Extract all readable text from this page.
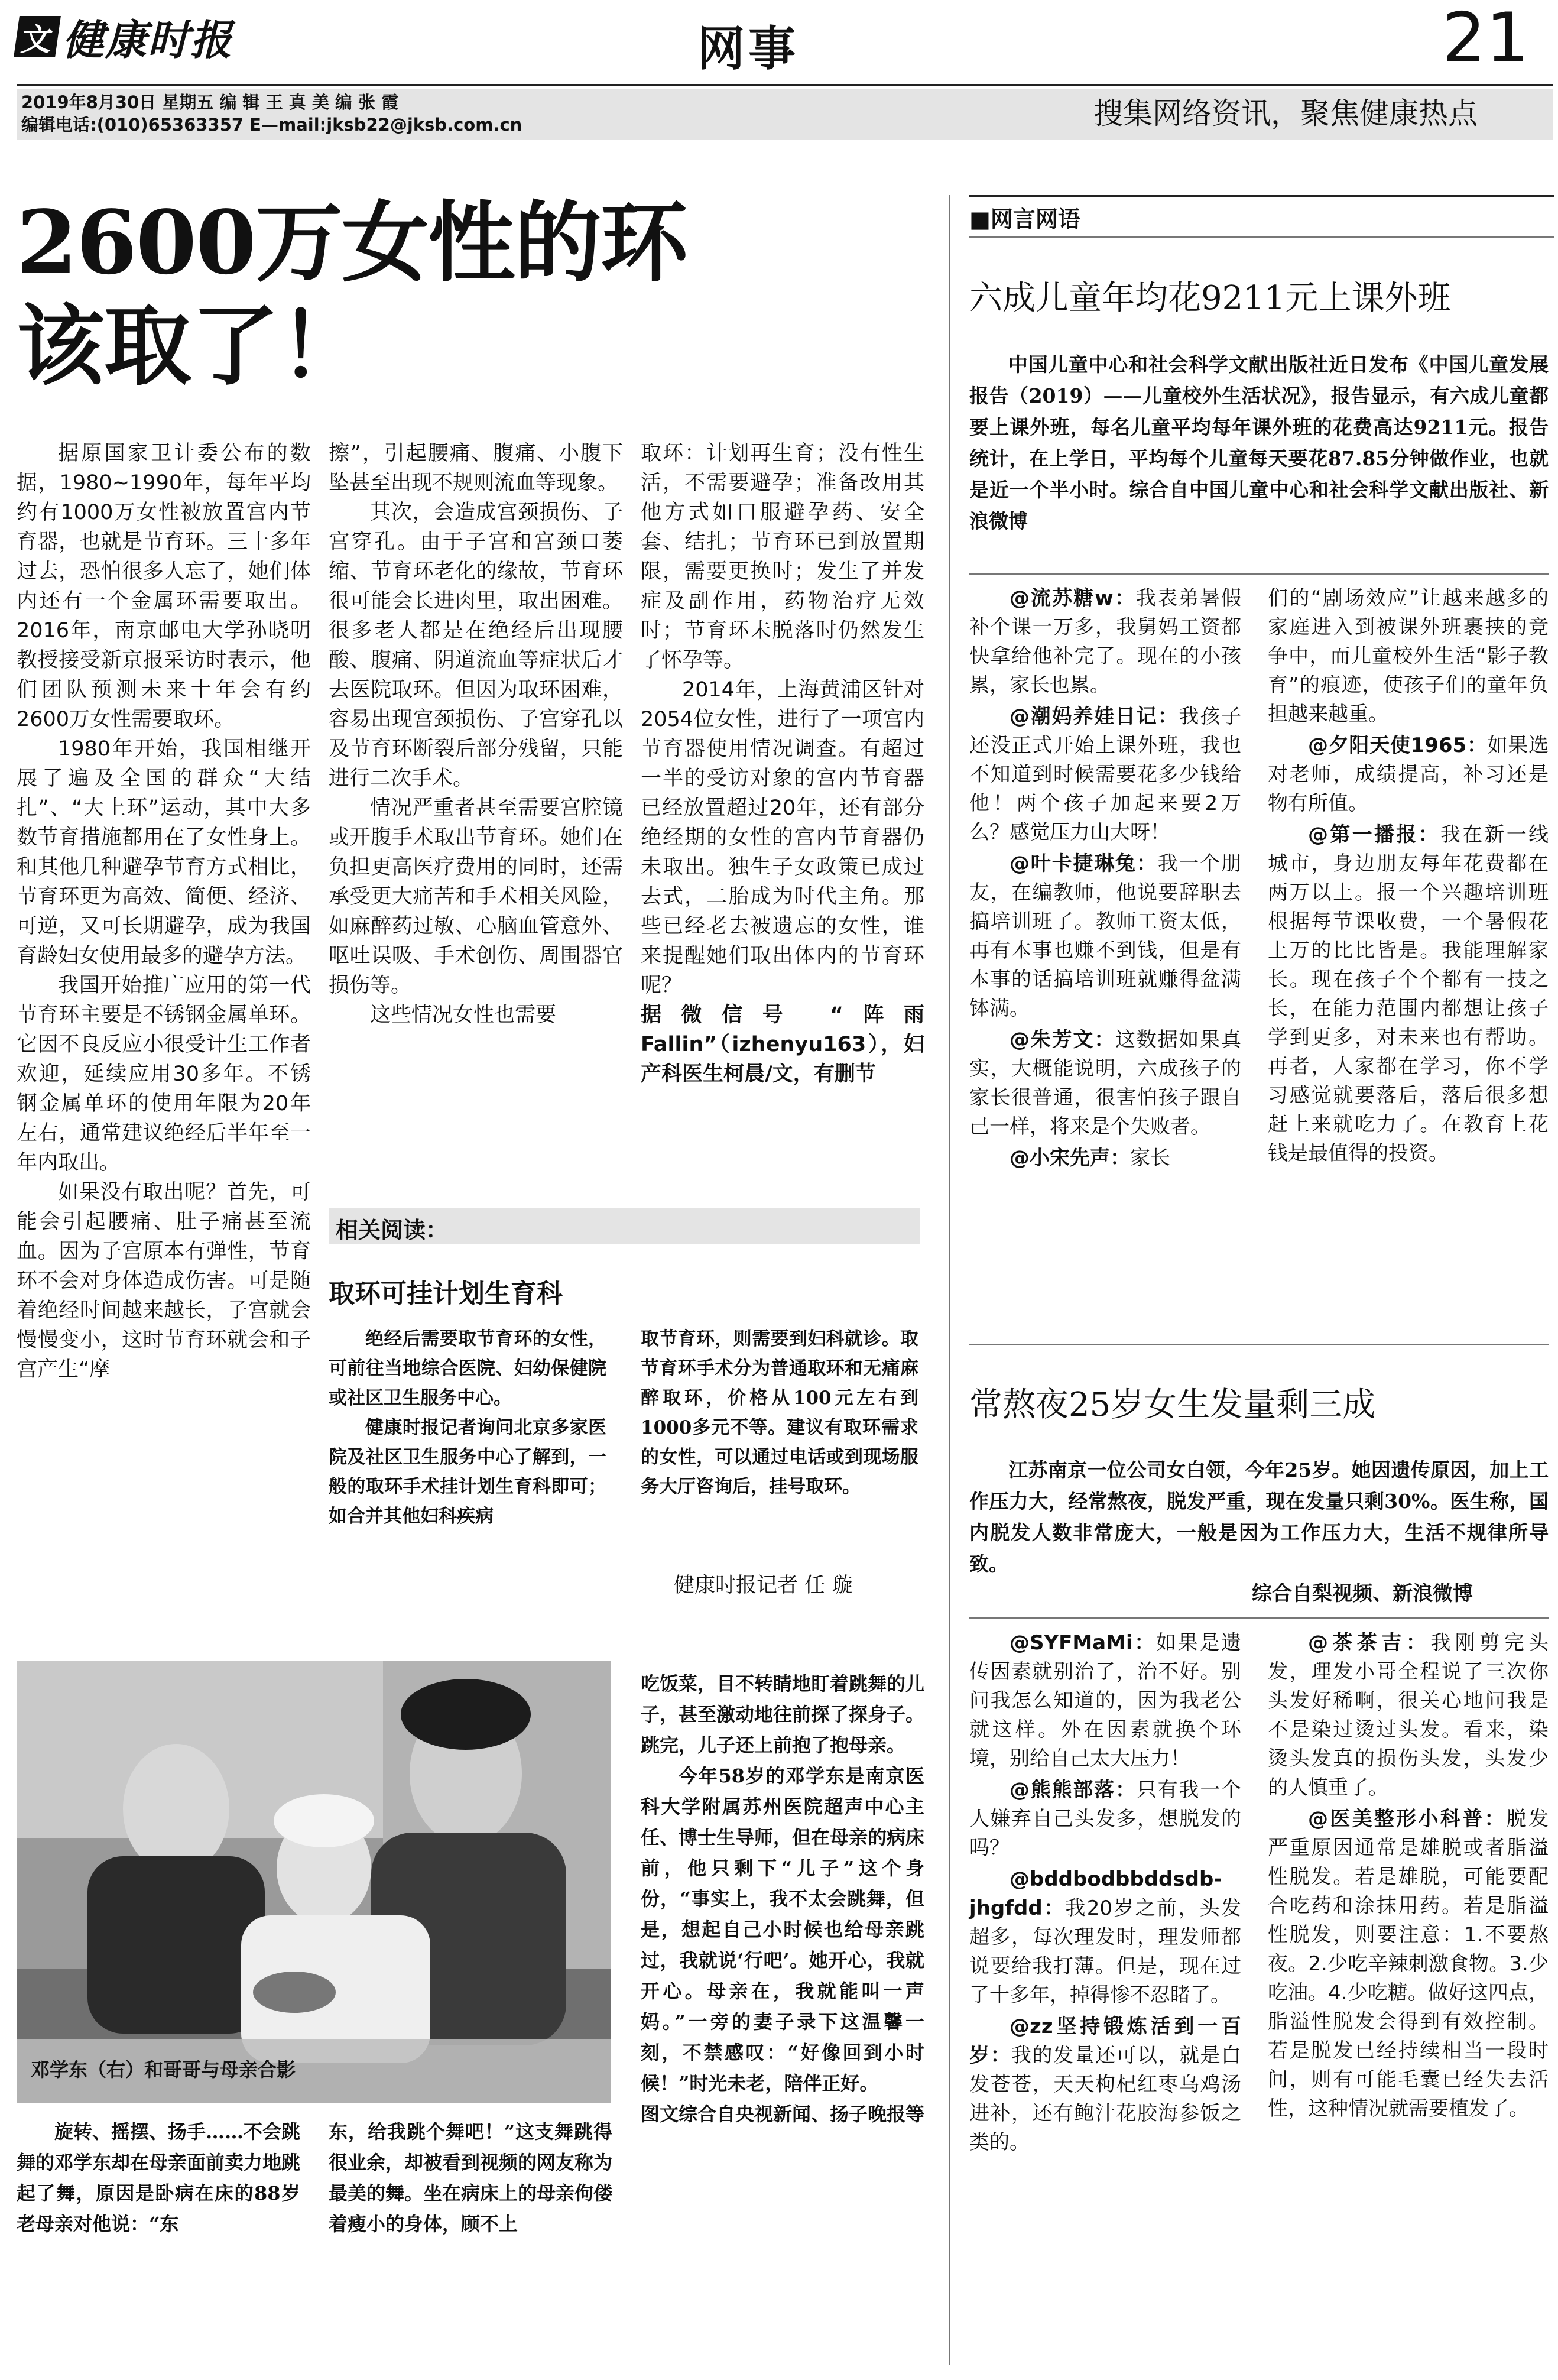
文 健康时报	网事	21
2019年8月30日 星期五 编 辑 王 真 美 编 张 霞
编辑电话:(010)65363357 E—mail:jksb22@jksb.com.cn	搜集网络资讯，聚焦健康热点
2600万女性的环
该取了！

据原国家卫计委公布的数据，1980~1990年，每年平均约有1000万女性被放置宫内节育器，也就是节育环。三十多年过去，恐怕很多人忘了，她们体内还有一个金属环需要取出。2016年，南京邮电大学孙晓明教授接受新京报采访时表示，他们团队预测未来十年会有约2600万女性需要取环。

1980年开始，我国相继开展了遍及全国的群众“大结扎”、“大上环”运动，其中大多数节育措施都用在了女性身上。和其他几种避孕节育方式相比，节育环更为高效、简便、经济、可逆，又可长期避孕，成为我国育龄妇女使用最多的避孕方法。

我国开始推广应用的第一代节育环主要是不锈钢金属单环。它因不良反应小很受计生工作者欢迎，延续应用30多年。不锈钢金属单环的使用年限为20年左右，通常建议绝经后半年至一年内取出。

如果没有取出呢？首先，可能会引起腰痛、肚子痛甚至流血。因为子宫原本有弹性，节育环不会对身体造成伤害。可是随着绝经时间越来越长，子宫就会慢慢变小，这时节育环就会和子宫产生“摩

擦”，引起腰痛、腹痛、小腹下坠甚至出现不规则流血等现象。

其次，会造成宫颈损伤、子宫穿孔。由于子宫和宫颈口萎缩、节育环老化的缘故，节育环很可能会长进肉里，取出困难。很多老人都是在绝经后出现腰酸、腹痛、阴道流血等症状后才去医院取环。但因为取环困难，容易出现宫颈损伤、子宫穿孔以及节育环断裂后部分残留，只能进行二次手术。

情况严重者甚至需要宫腔镜或开腹手术取出节育环。她们在负担更高医疗费用的同时，还需承受更大痛苦和手术相关风险，如麻醉药过敏、心脑血管意外、呕吐误吸、手术创伤、周围器官损伤等。

这些情况女性也需要

取环：计划再生育；没有性生活，不需要避孕；准备改用其他方式如口服避孕药、安全套、结扎；节育环已到放置期限，需要更换时；发生了并发症及副作用，药物治疗无效时；节育环未脱落时仍然发生了怀孕等。

2014年，上海黄浦区针对2054位女性，进行了一项宫内节育器使用情况调查。有超过一半的受访对象的宫内节育器已经放置超过20年，还有部分绝经期的女性的宫内节育器仍未取出。独生子女政策已成过去式，二胎成为时代主角。那些已经老去被遗忘的女性，谁来提醒她们取出体内的节育环呢？

据微信号 “阵雨Fallin”（izhenyu163），妇产科医生柯晨/文，有删节

相关阅读：
取环可挂计划生育科

绝经后需要取节育环的女性，可前往当地综合医院、妇幼保健院或社区卫生服务中心。

健康时报记者询问北京多家医院及社区卫生服务中心了解到，一般的取环手术挂计划生育科即可；如合并其他妇科疾病

取节育环，则需要到妇科就诊。取节育环手术分为普通取环和无痛麻醉取环，价格从100元左右到1000多元不等。建议有取环需求的女性，可以通过电话或到现场服务大厅咨询后，挂号取环。

健康时报记者 任 璇
邓学东（右）和哥哥与母亲合影

旋转、摇摆、扬手……不会跳舞的邓学东却在母亲面前卖力地跳起了舞，原因是卧病在床的88岁老母亲对他说：“东

东，给我跳个舞吧！”这支舞跳得很业余，却被看到视频的网友称为最美的舞。坐在病床上的母亲佝偻着瘦小的身体，顾不上

吃饭菜，目不转睛地盯着跳舞的儿子，甚至激动地往前探了探身子。跳完，儿子还上前抱了抱母亲。

今年58岁的邓学东是南京医科大学附属苏州医院超声中心主任、博士生导师，但在母亲的病床前，他只剩下“儿子”这个身份，“事实上，我不太会跳舞，但是，想起自己小时候也给母亲跳过，我就说‘行吧’。她开心，我就开心。母亲在，我就能叫一声妈。”一旁的妻子录下这温馨一刻，不禁感叹：“好像回到小时候！”时光未老，陪伴正好。

图文综合自央视新闻、扬子晚报等

■网言网语
六成儿童年均花9211元上课外班

中国儿童中心和社会科学文献出版社近日发布《中国儿童发展报告（2019）——儿童校外生活状况》，报告显示，有六成儿童都要上课外班，每名儿童平均每年课外班的花费高达9211元。报告统计，在上学日，平均每个儿童每天要花87.85分钟做作业，也就是近一个半小时。综合自中国儿童中心和社会科学文献出版社、新浪微博

@流苏糖w：我表弟暑假补个课一万多，我舅妈工资都快拿给他补完了。现在的小孩累，家长也累。

@潮妈养娃日记：我孩子还没正式开始上课外班，我也不知道到时候需要花多少钱给他！两个孩子加起来要2万么？感觉压力山大呀！

@叶卡捷琳兔：我一个朋友，在编教师，他说要辞职去搞培训班了。教师工资太低，再有本事也赚不到钱，但是有本事的话搞培训班就赚得盆满钵满。

@朱芳文：这数据如果真实，大概能说明，六成孩子的家长很普通，很害怕孩子跟自己一样，将来是个失败者。

@小宋先声：家长

们的“剧场效应”让越来越多的家庭进入到被课外班裹挟的竞争中，而儿童校外生活“影子教育”的痕迹，使孩子们的童年负担越来越重。

@夕阳天使1965：如果选对老师，成绩提高，补习还是物有所值。

@第一播报：我在新一线城市，身边朋友每年花费都在两万以上。报一个兴趣培训班根据每节课收费，一个暑假花上万的比比皆是。我能理解家长。现在孩子个个都有一技之长，在能力范围内都想让孩子学到更多，对未来也有帮助。再者，人家都在学习，你不学习感觉就要落后，落后很多想赶上来就吃力了。在教育上花钱是最值得的投资。

常熬夜25岁女生发量剩三成

江苏南京一位公司女白领，今年25岁。她因遗传原因，加上工作压力大，经常熬夜，脱发严重，现在发量只剩30%。医生称，国内脱发人数非常庞大，一般是因为工作压力大，生活不规律所导致。

综合自梨视频、新浪微博

@SYFMaMi：如果是遗传因素就别治了，治不好。别问我怎么知道的，因为我老公就这样。外在因素就换个环境，别给自己太大压力！

@熊熊部落：只有我一个人嫌弃自己头发多，想脱发的吗？

@bddbodbbddsdb-jhgfdd：我20岁之前，头发超多，每次理发时，理发师都说要给我打薄。但是，现在过了十多年，掉得惨不忍睹了。

@zz坚持锻炼活到一百岁：我的发量还可以，就是白发苍苍，天天枸杞红枣乌鸡汤进补，还有鲍汁花胶海参饭之类的。

@茶茶吉：我刚剪完头发，理发小哥全程说了三次你头发好稀啊，很关心地问我是不是染过烫过头发。看来，染烫头发真的损伤头发，头发少的人慎重了。

@医美整形小科普：脱发严重原因通常是雄脱或者脂溢性脱发。若是雄脱，可能要配合吃药和涂抹用药。若是脂溢性脱发，则要注意：1.不要熬夜。2.少吃辛辣刺激食物。3.少吃油。4.少吃糖。做好这四点，脂溢性脱发会得到有效控制。若是脱发已经持续相当一段时间，则有可能毛囊已经失去活性，这种情况就需要植发了。
